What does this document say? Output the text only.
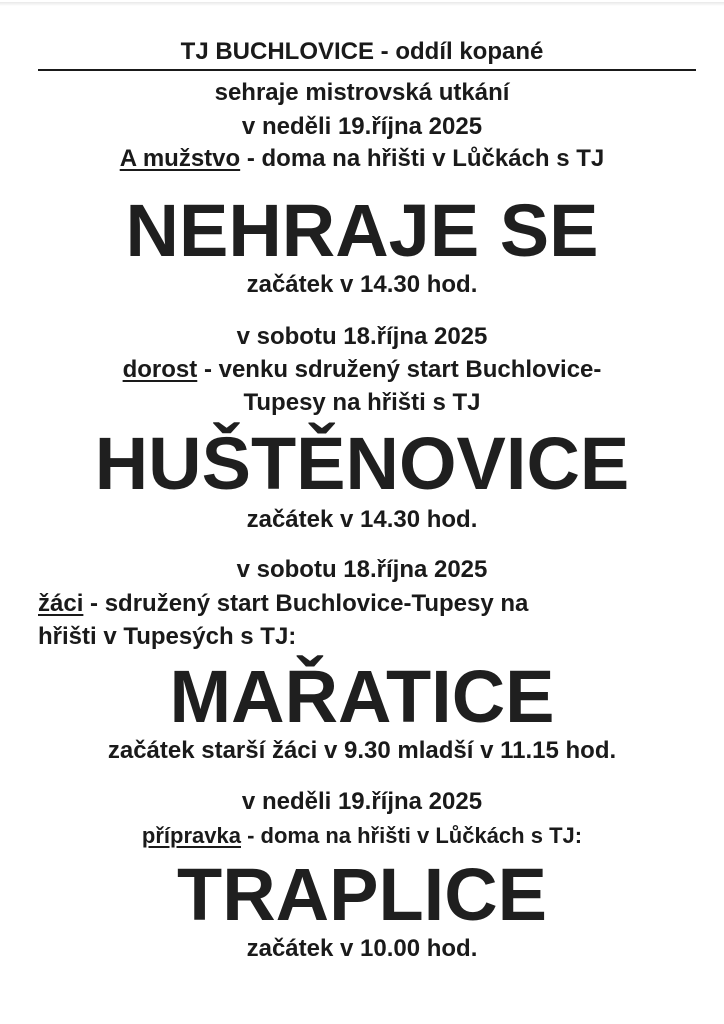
TJ BUCHLOVICE - oddíl kopané
sehraje mistrovská utkání
v neděli 19.října 2025
A mužstvo - doma na hřišti v Lůčkách s TJ
NEHRAJE SE
začátek v 14.30 hod.
v sobotu 18.října 2025
dorost - venku sdružený start Buchlovice-
Tupesy na hřišti s TJ
HUŠTĚNOVICE
začátek v 14.30 hod.
v sobotu 18.října 2025
žáci - sdružený start Buchlovice-Tupesy na
hřišti v Tupesých s TJ:
MAŘATICE
začátek starší žáci v 9.30 mladší v 11.15 hod.
v neděli 19.října 2025
přípravka - doma na hřišti v Lůčkách s TJ:
TRAPLICE
začátek v 10.00 hod.
